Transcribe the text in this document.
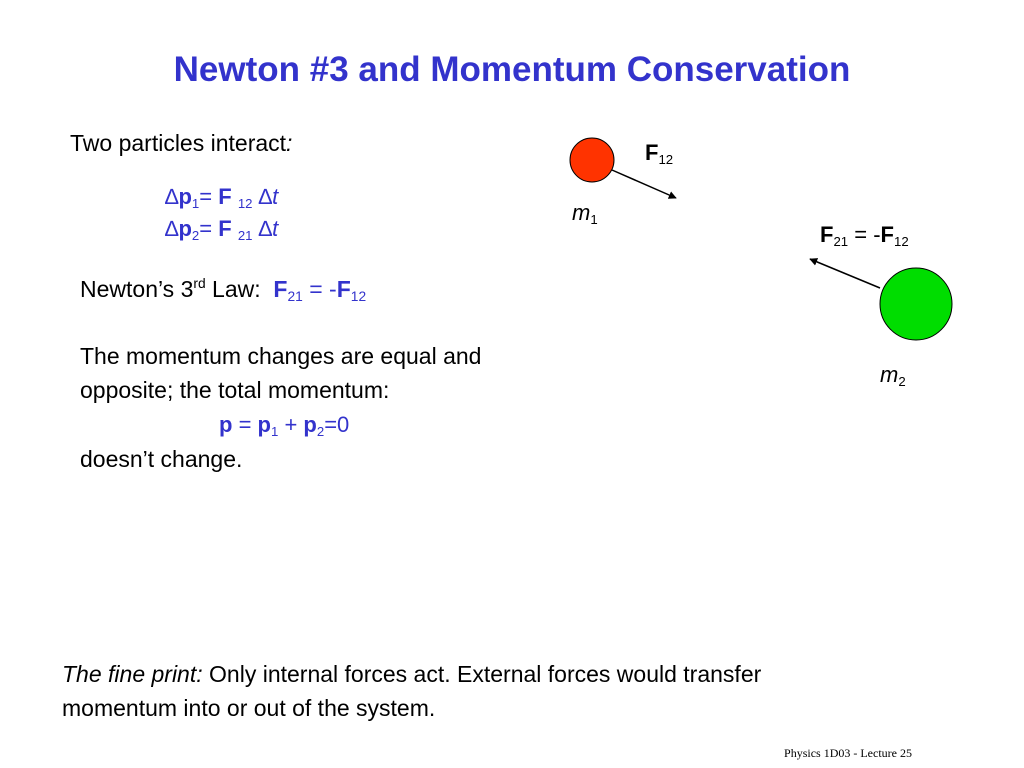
Newton #3 and Momentum Conservation
Two particles interact:
$\Delta p_1= F$ $_{12}$ ∆t
$\Delta p_2= F$ $_{21}$ ∆t
Newton’s 3rd Law: $F_{21} = -F_{12}$
The momentum changes are equal and
opposite; the total momentum:
$p = p_1 + p_2=0$
doesn’t change.
$F_{12}$
$m_1$
$F_{21} = -F_{12}$
$m_2$
The fine print: Only internal forces act. External forces would transfer momentum into or out of the system.
Physics 1D03 - Lecture 25
